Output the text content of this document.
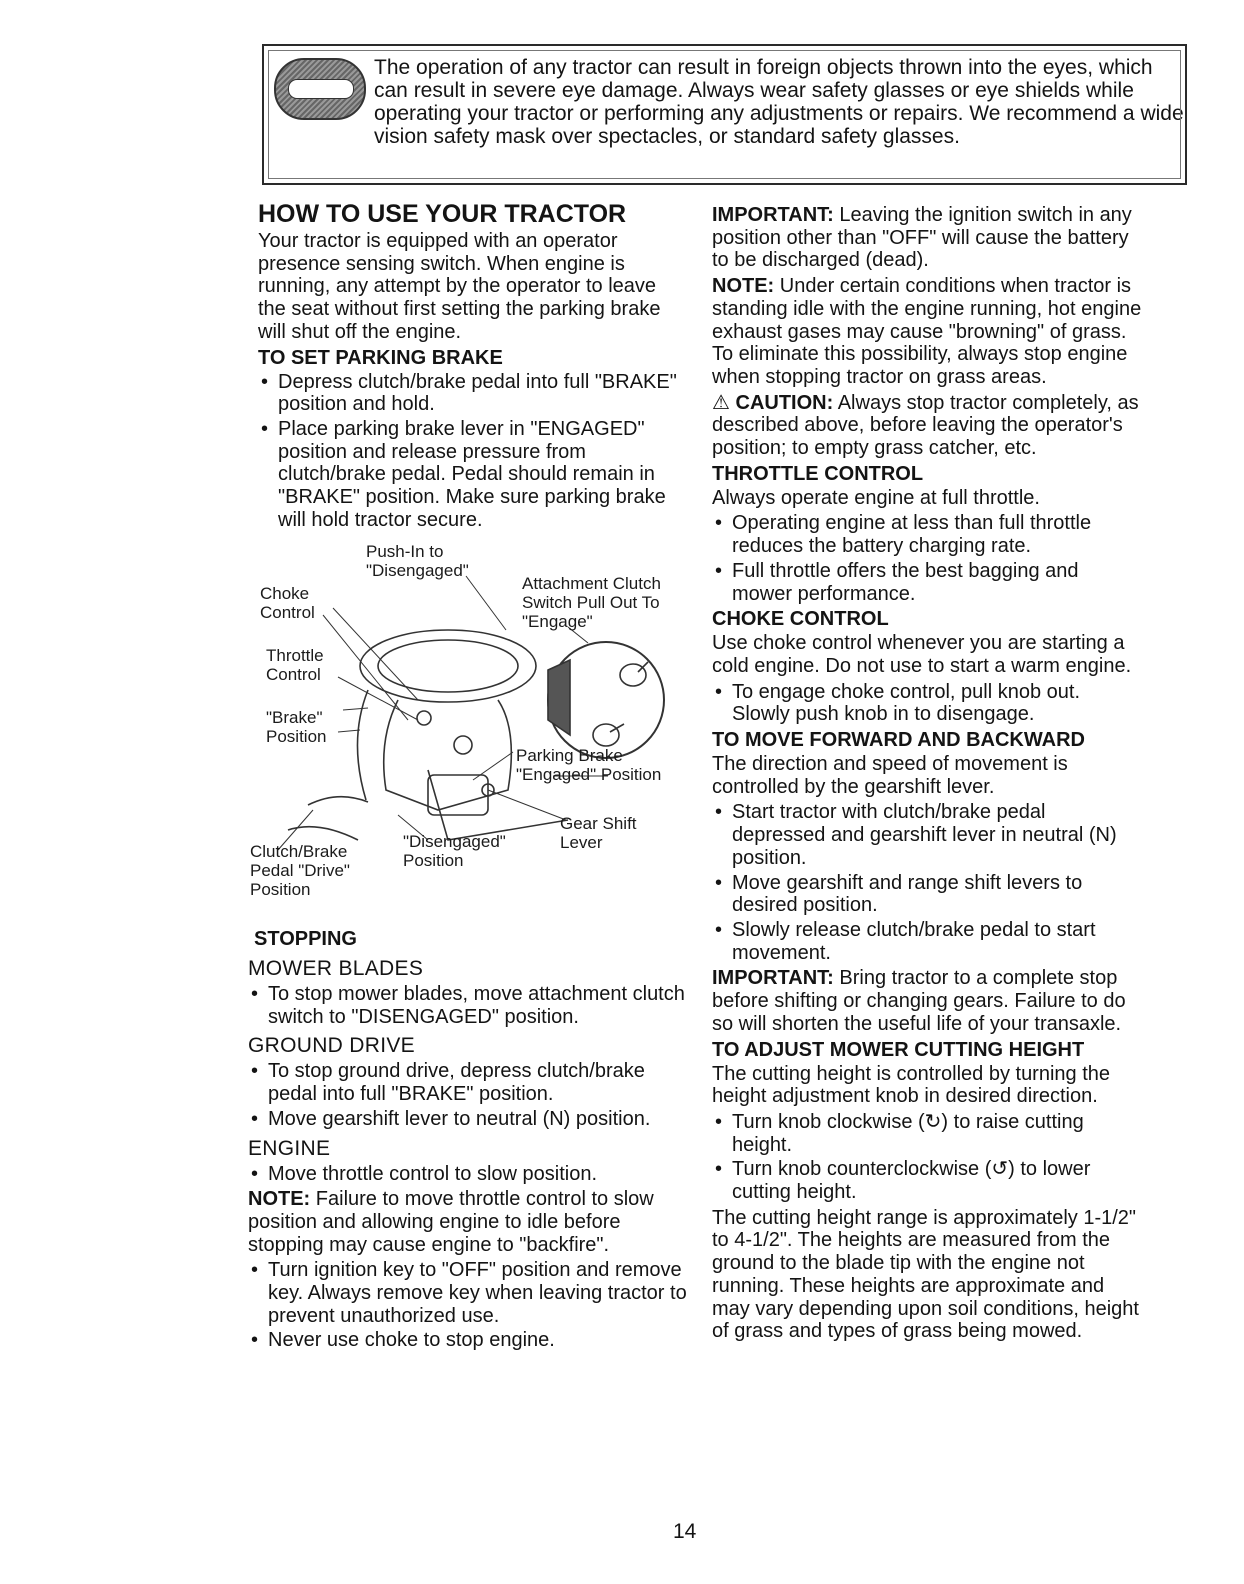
The operation of any tractor can result in foreign objects thrown into the eyes, which can result in severe eye damage. Always wear safety glasses or eye shields while operating your tractor or performing any adjustments or repairs. We recommend a wide vision safety mask over spectacles, or standard safety glasses.
HOW TO USE YOUR TRACTOR

Your tractor is equipped with an operator presence sensing switch. When engine is running, any attempt by the operator to leave the seat without first setting the parking brake will shut off the engine.

TO SET PARKING BRAKE
• Depress clutch/brake pedal into full "BRAKE" position and hold.
• Place parking brake lever in "ENGAGED" position and release pressure from clutch/brake pedal. Pedal should remain in "BRAKE" position. Make sure parking brake will hold tractor secure.
Push-In to "Disengaged"
Choke Control
Attachment Clutch Switch Pull Out To "Engage"
Throttle Control
"Brake" Position
Parking Brake "Engaged" Position
Gear Shift Lever
"Disengaged" Position
Clutch/Brake Pedal "Drive" Position
STOPPING
MOWER BLADES
• To stop mower blades, move attachment clutch switch to "DISENGAGED" position.
GROUND DRIVE
• To stop ground drive, depress clutch/brake pedal into full "BRAKE" position.
• Move gearshift lever to neutral (N) position.
ENGINE
• Move throttle control to slow position.

NOTE: Failure to move throttle control to slow position and allowing engine to idle before stopping may cause engine to "backfire".

• Turn ignition key to "OFF" position and remove key. Always remove key when leaving tractor to prevent unauthorized use.
• Never use choke to stop engine.

IMPORTANT: Leaving the ignition switch in any position other than "OFF" will cause the battery to be discharged (dead).

NOTE: Under certain conditions when tractor is standing idle with the engine running, hot engine exhaust gases may cause "browning" of grass. To eliminate this possibility, always stop engine when stopping tractor on grass areas.

⚠ CAUTION: Always stop tractor completely, as described above, before leaving the operator's position; to empty grass catcher, etc.

THROTTLE CONTROL

Always operate engine at full throttle.

• Operating engine at less than full throttle reduces the battery charging rate.
• Full throttle offers the best bagging and mower performance.
CHOKE CONTROL

Use choke control whenever you are starting a cold engine. Do not use to start a warm engine.

• To engage choke control, pull knob out. Slowly push knob in to disengage.
TO MOVE FORWARD AND BACKWARD

The direction and speed of movement is controlled by the gearshift lever.

• Start tractor with clutch/brake pedal depressed and gearshift lever in neutral (N) position.
• Move gearshift and range shift levers to desired position.
• Slowly release clutch/brake pedal to start movement.

IMPORTANT: Bring tractor to a complete stop before shifting or changing gears. Failure to do so will shorten the useful life of your transaxle.

TO ADJUST MOWER CUTTING HEIGHT

The cutting height is controlled by turning the height adjustment knob in desired direction.

• Turn knob clockwise (↻) to raise cutting height.
• Turn knob counterclockwise (↺) to lower cutting height.

The cutting height range is approximately 1-1/2" to 4-1/2". The heights are measured from the ground to the blade tip with the engine not running. These heights are approximate and may vary depending upon soil conditions, height of grass and types of grass being mowed.

14
